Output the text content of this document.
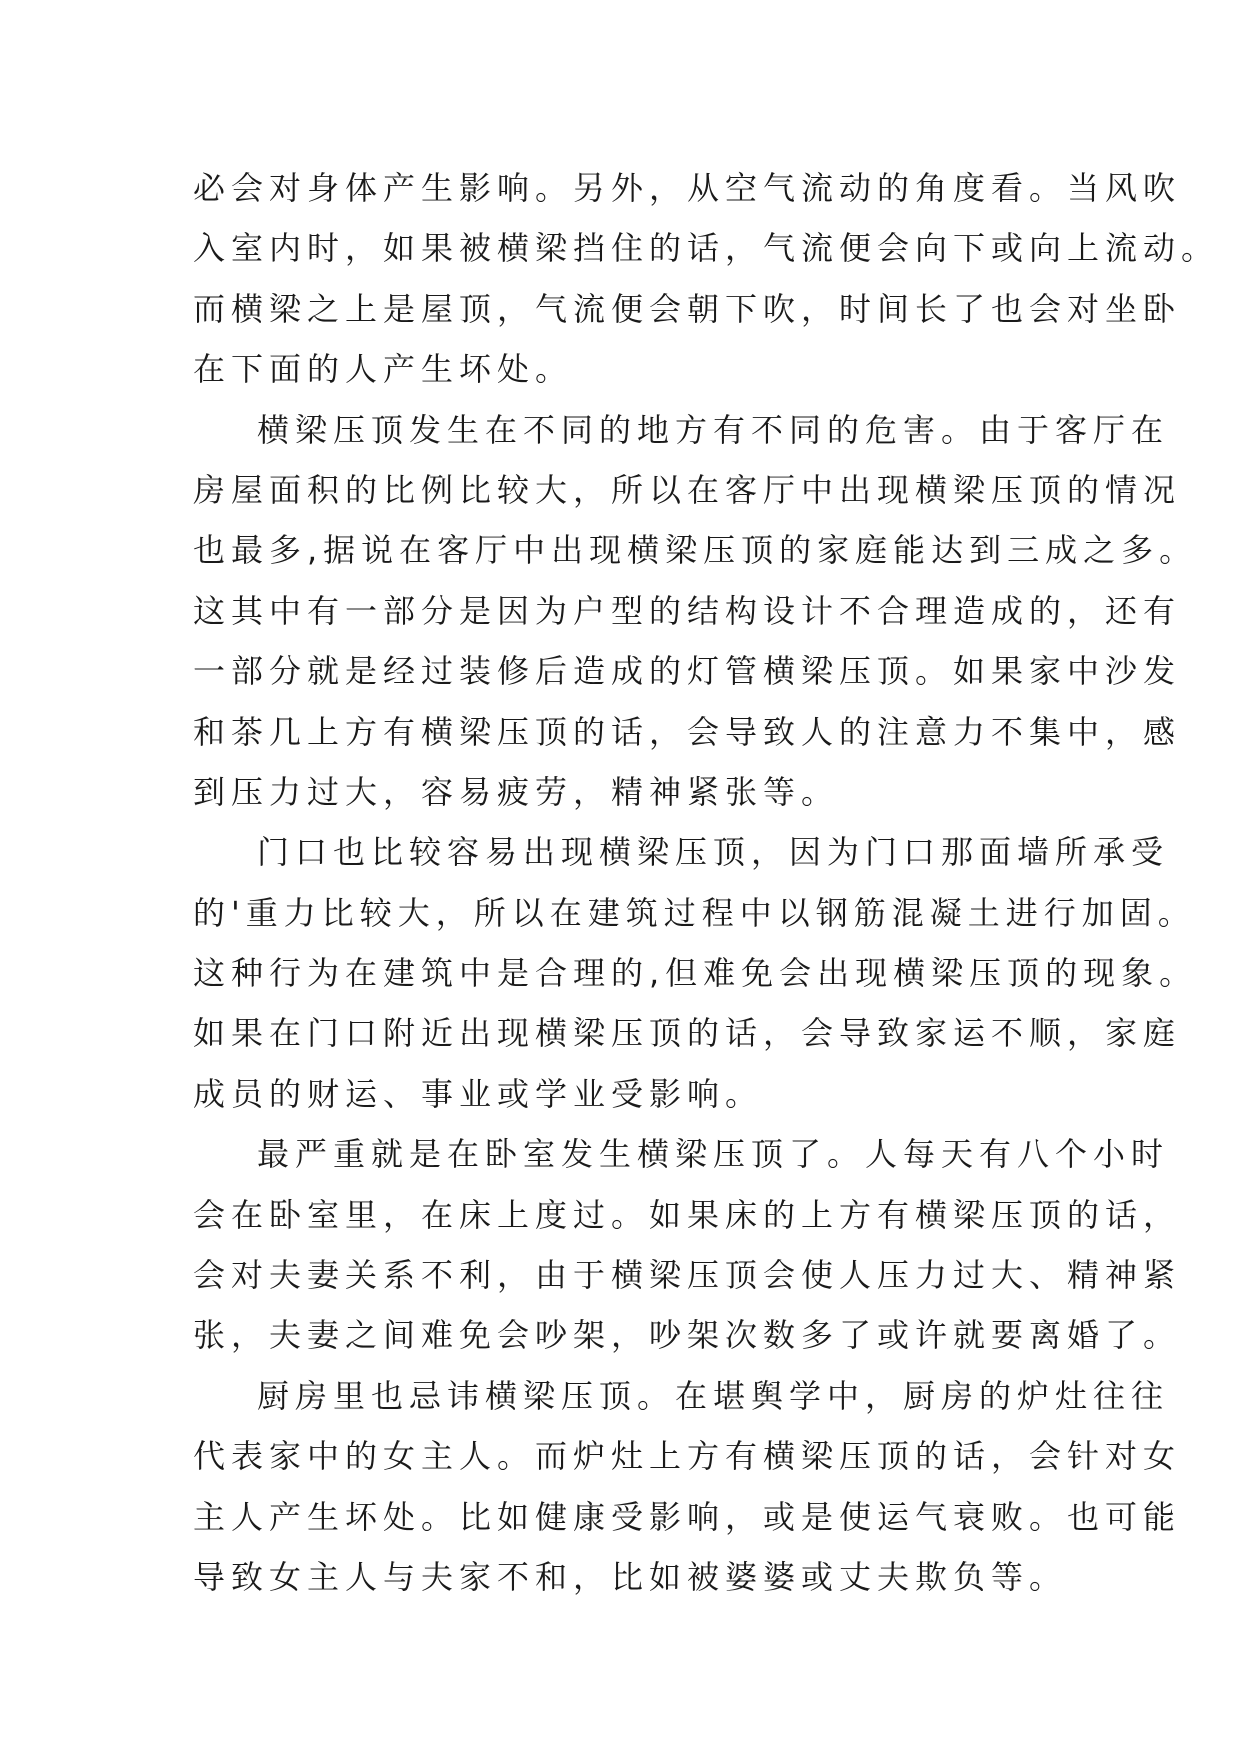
必会对身体产生影响。另外，从空气流动的角度看。当风吹
入室内时，如果被横梁挡住的话，气流便会向下或向上流动。
而横梁之上是屋顶，气流便会朝下吹，时间长了也会对坐卧
在下面的人产生坏处。
横梁压顶发生在不同的地方有不同的危害。由于客厅在
房屋面积的比例比较大，所以在客厅中出现横梁压顶的情况
也最多,据说在客厅中出现横梁压顶的家庭能达到三成之多。
这其中有一部分是因为户型的结构设计不合理造成的，还有
一部分就是经过装修后造成的灯管横梁压顶。如果家中沙发
和茶几上方有横梁压顶的话，会导致人的注意力不集中，感
到压力过大，容易疲劳，精神紧张等。
门口也比较容易出现横梁压顶，因为门口那面墙所承受
的'重力比较大，所以在建筑过程中以钢筋混凝土进行加固。
这种行为在建筑中是合理的,但难免会出现横梁压顶的现象。
如果在门口附近出现横梁压顶的话，会导致家运不顺，家庭
成员的财运、事业或学业受影响。
最严重就是在卧室发生横梁压顶了。人每天有八个小时
会在卧室里，在床上度过。如果床的上方有横梁压顶的话，
会对夫妻关系不利，由于横梁压顶会使人压力过大、精神紧
张，夫妻之间难免会吵架，吵架次数多了或许就要离婚了。
厨房里也忌讳横梁压顶。在堪舆学中，厨房的炉灶往往
代表家中的女主人。而炉灶上方有横梁压顶的话，会针对女
主人产生坏处。比如健康受影响，或是使运气衰败。也可能
导致女主人与夫家不和，比如被婆婆或丈夫欺负等。
